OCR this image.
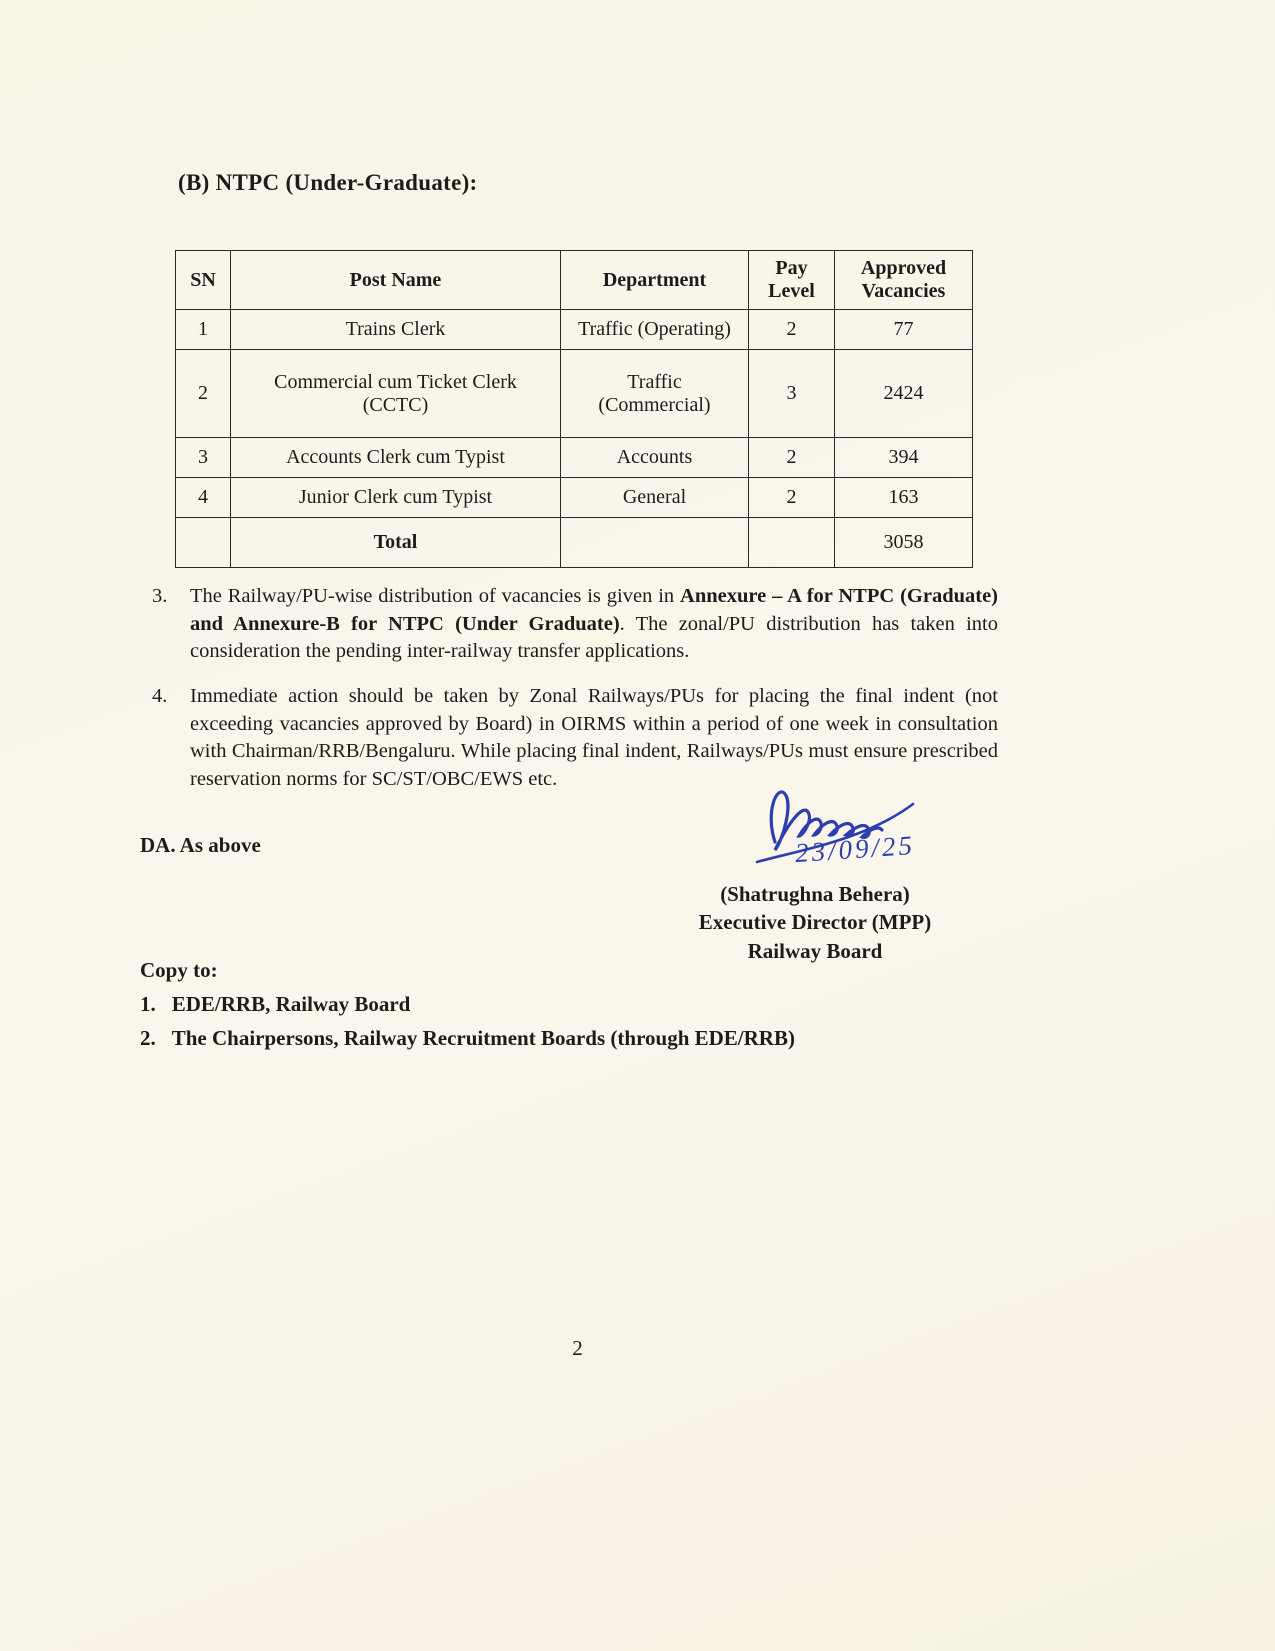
(B) NTPC (Under-Graduate):
SN	Post Name	Department	Pay Level	Approved Vacancies
1	Trains Clerk	Traffic (Operating)	2	77
2	Commercial cum Ticket Clerk (CCTC)	Traffic (Commercial)	3	2424
3	Accounts Clerk cum Typist	Accounts	2	394
4	Junior Clerk cum Typist	General	2	163
	Total			3058
3.	The Railway/PU-wise distribution of vacancies is given in Annexure – A for NTPC (Graduate) and Annexure-B for NTPC (Under Graduate). The zonal/PU distribution has taken into consideration the pending inter-railway transfer applications.
4.	Immediate action should be taken by Zonal Railways/PUs for placing the final indent (not exceeding vacancies approved by Board) in OIRMS within a period of one week in consultation with Chairman/RRB/Bengaluru. While placing final indent, Railways/PUs must ensure prescribed reservation norms for SC/ST/OBC/EWS etc.
DA. As above	23/09/25
(Shatrughna Behera)
Executive Director (MPP)
Railway Board
Copy to:
1. EDE/RRB, Railway Board
2. The Chairpersons, Railway Recruitment Boards (through EDE/RRB)
2
